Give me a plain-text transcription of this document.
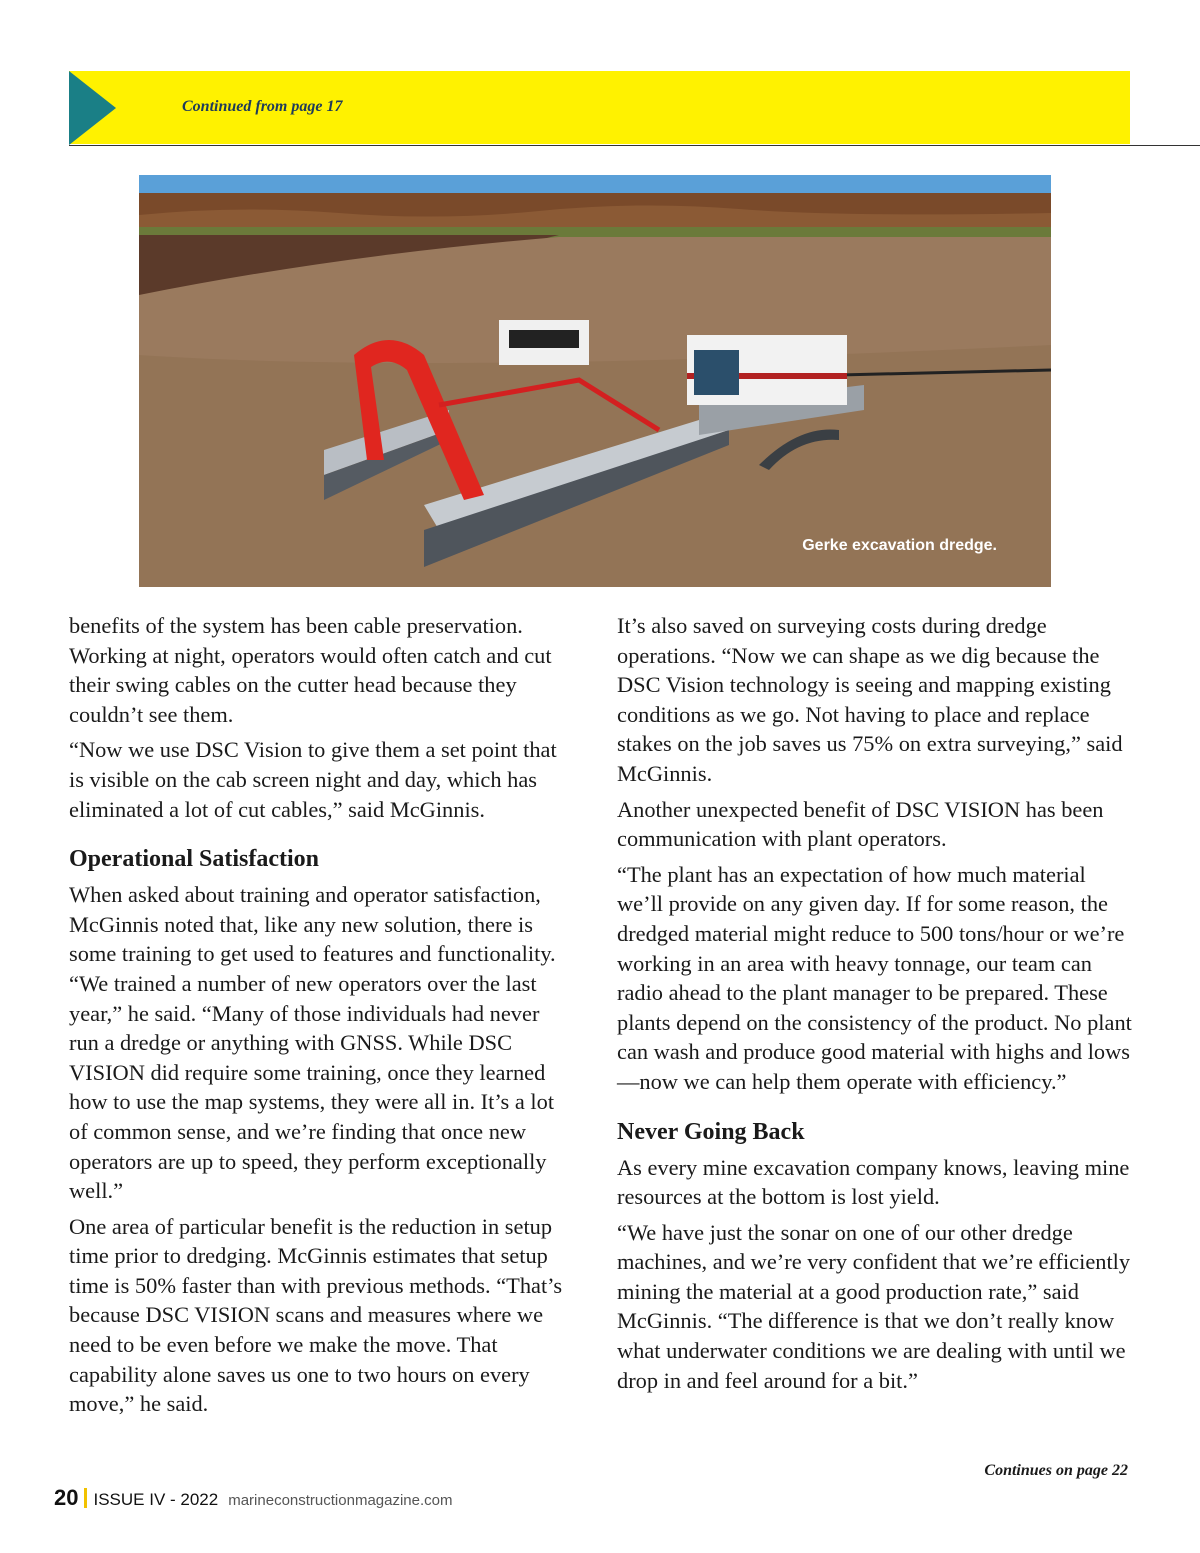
Continued from page 17
Gerke excavation dredge.

benefits of the system has been cable preservation. Working at night, operators would often catch and cut their swing cables on the cutter head because they couldn’t see them.

“Now we use DSC Vision to give them a set point that is visible on the cab screen night and day, which has eliminated a lot of cut cables,” said McGinnis.

Operational Satisfaction

When asked about training and operator satisfaction, McGinnis noted that, like any new solution, there is some training to get used to features and functionality. “We trained a number of new operators over the last year,” he said. “Many of those individuals had never run a dredge or anything with GNSS. While DSC VISION did require some training, once they learned how to use the map systems, they were all in. It’s a lot of common sense, and we’re finding that once new operators are up to speed, they perform exceptionally well.”

One area of particular benefit is the reduction in setup time prior to dredging. McGinnis estimates that setup time is 50% faster than with previous methods. “That’s because DSC VISION scans and measures where we need to be even before we make the move. That capability alone saves us one to two hours on every move,” he said.

It’s also saved on surveying costs during dredge operations. “Now we can shape as we dig because the DSC Vision technology is seeing and mapping existing conditions as we go. Not having to place and replace stakes on the job saves us 75% on extra surveying,” said McGinnis.

Another unexpected benefit of DSC VISION has been communication with plant operators.

“The plant has an expectation of how much material we’ll provide on any given day. If for some reason, the dredged material might reduce to 500 tons/hour or we’re working in an area with heavy tonnage, our team can radio ahead to the plant manager to be prepared. These plants depend on the consistency of the product. No plant can wash and produce good material with highs and lows—now we can help them operate with efficiency.”

Never Going Back

As every mine excavation company knows, leaving mine resources at the bottom is lost yield.

“We have just the sonar on one of our other dredge machines, and we’re very confident that we’re efficiently mining the material at a good production rate,” said McGinnis. “The difference is that we don’t really know what underwater conditions we are dealing with until we drop in and feel around for a bit.”

Continues on page 22
20 ISSUE IV - 2022 marineconstructionmagazine.com
